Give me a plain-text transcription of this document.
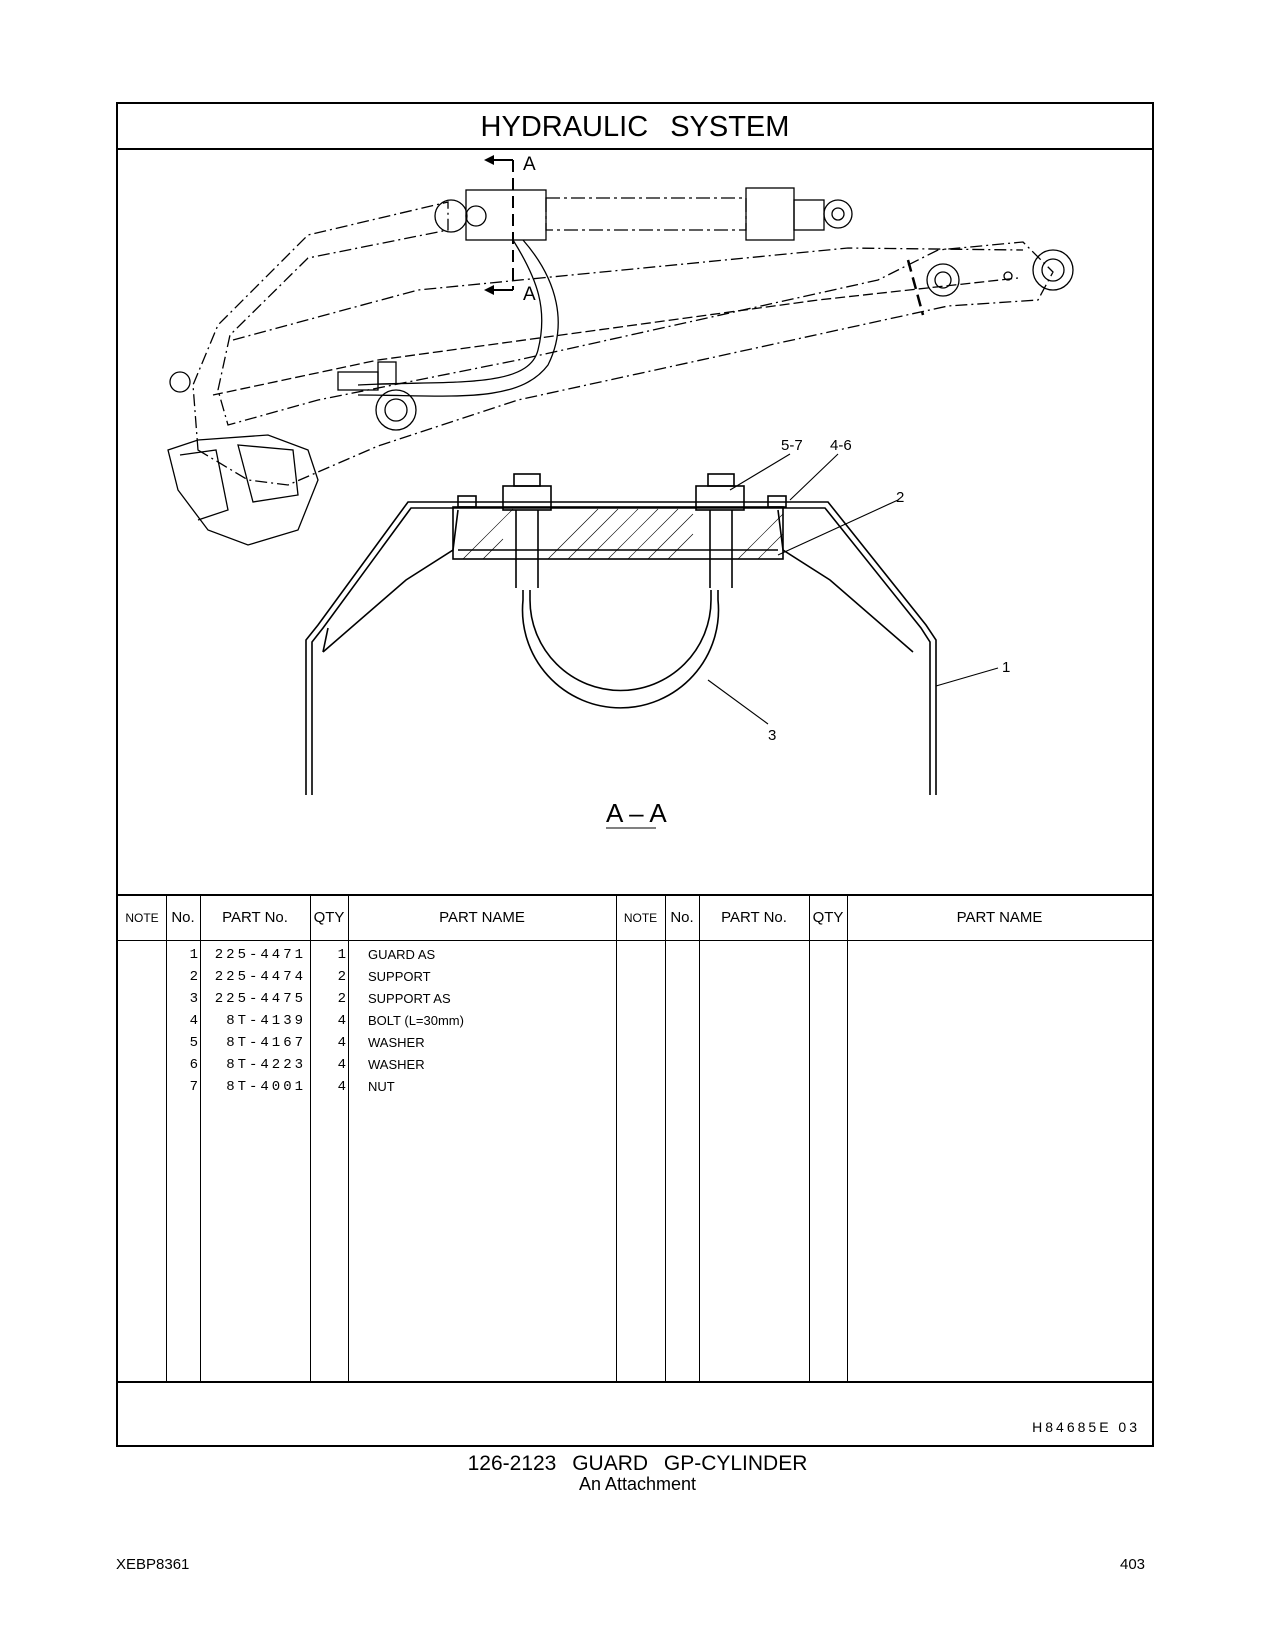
HYDRAULIC SYSTEM
A
A
5-7 4-6
2
1
3
A – A
NOTE No.	PART No.	QTY	PART NAME	NOTE No.	PART No.	QTY	PART NAME
1	225-4471	1 GUARD AS
2	225-4474	2 SUPPORT
3	225-4475	2 SUPPORT AS
4	8T-4139	4 BOLT (L=30mm)
5	8T-4167	4 WASHER
6	8T-4223	4 WASHER
7	8T-4001	4 NUT
H84685E 03
126-2123 GUARD GP-CYLINDER
An Attachment
XEBP8361	403
